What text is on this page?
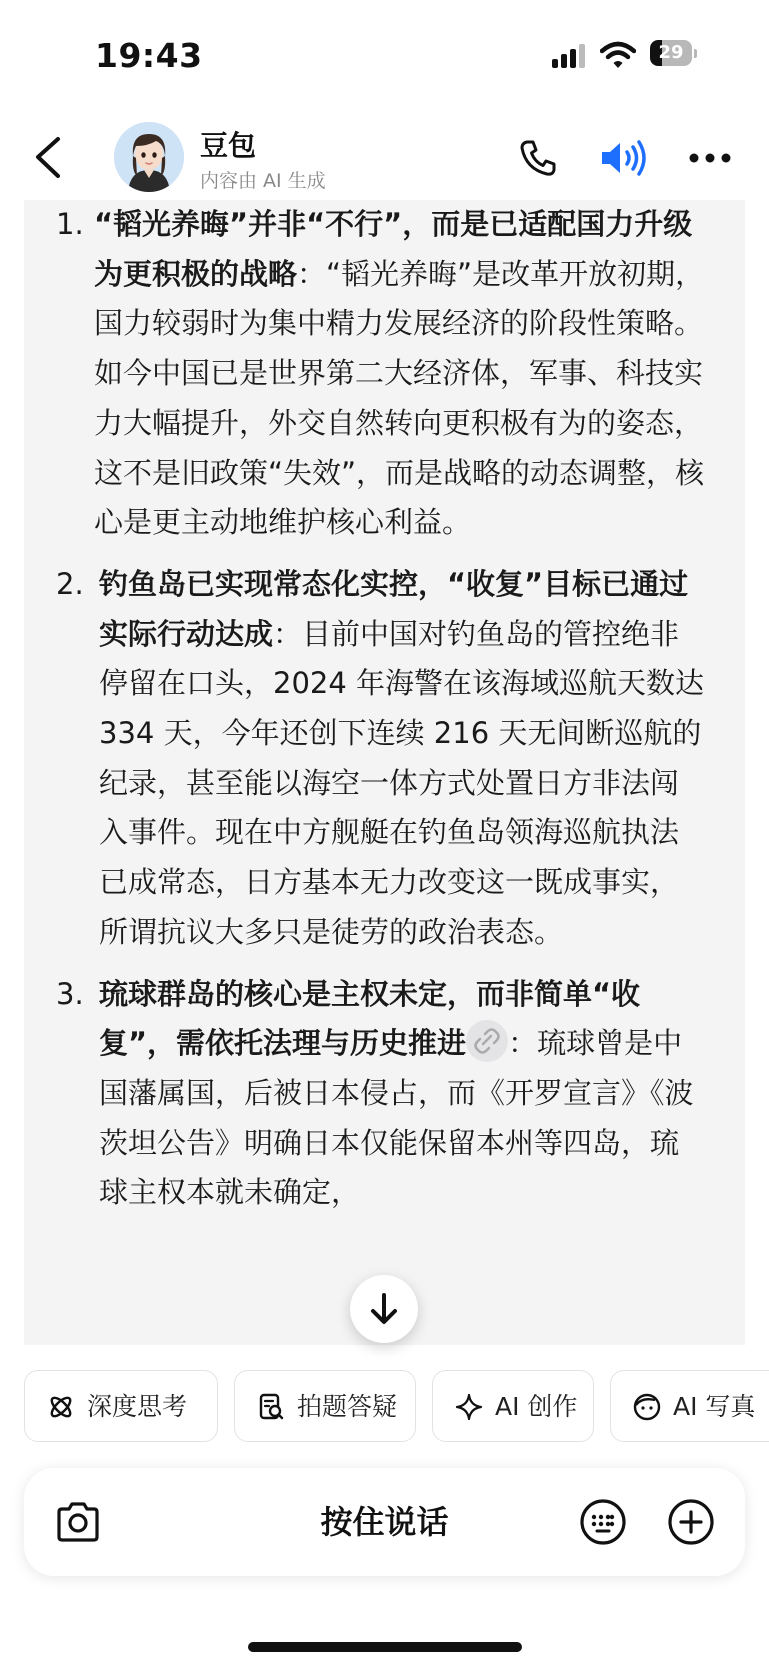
19:43	29
豆包
内容由 AI 生成
1. “韬光养晦”并非“不行”，而是已适配国力升级为更积极的战略：“韬光养晦”是改革开放初期，国力较弱时为集中精力发展经济的阶段性策略。如今中国已是世界第二大经济体，军事、科技实力大幅提升，外交自然转向更积极有为的姿态，这不是旧政策“失效”，而是战略的动态调整，核心是更主动地维护核心利益。
2. 钓鱼岛已实现常态化实控，“收复”目标已通过实际行动达成：目前中国对钓鱼岛的管控绝非停留在口头，2024 年海警在该海域巡航天数达 334 天，今年还创下连续 216 天无间断巡航的纪录，甚至能以海空一体方式处置日方非法闯入事件。现在中方舰艇在钓鱼岛领海巡航执法已成常态，日方基本无力改变这一既成事实，所谓抗议大多只是徒劳的政治表态。
3. 琉球群岛的核心是主权未定，而非简单“收复”，需依托法理与历史推进 ：琉球曾是中国藩属国，后被日本侵占，而《开罗宣言》《波茨坦公告》明确日本仅能保留本州等四岛，琉球主权本就未确定，
深度思考	拍题答疑	AI 创作	AI 写真
按住说话
